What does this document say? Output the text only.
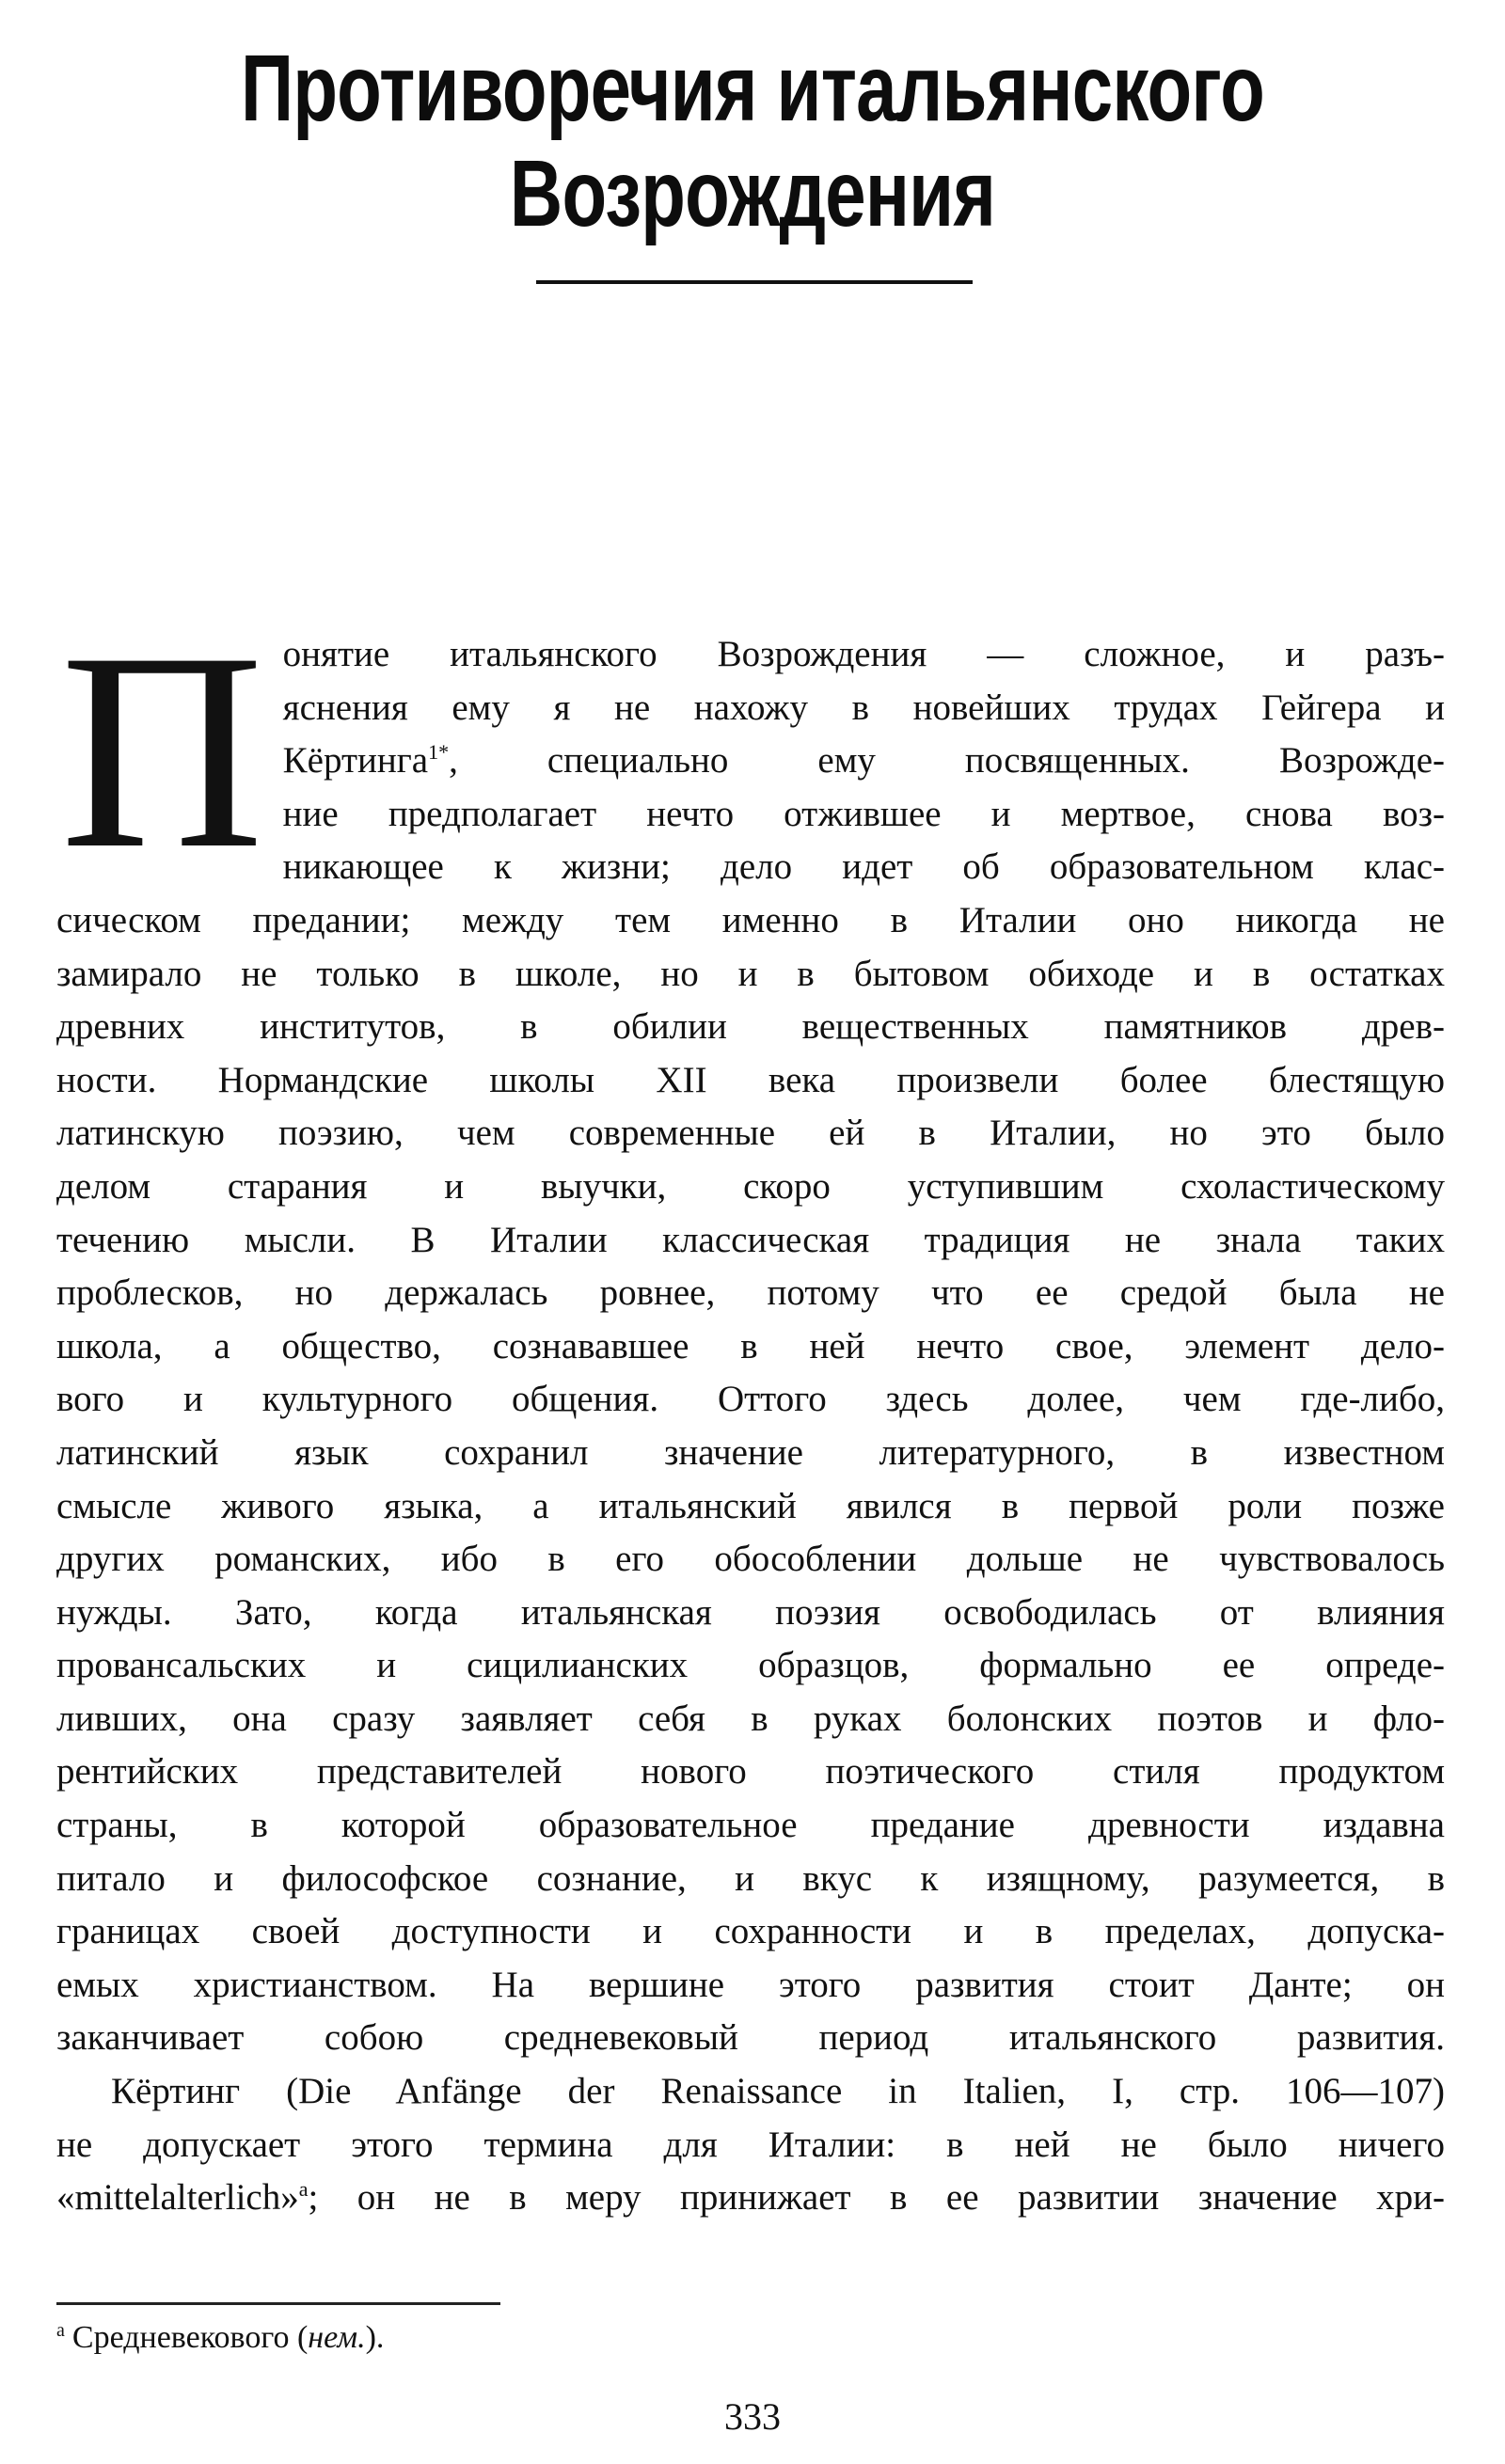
Противоречия итальянского
Возрождения

П онятие итальянского Возрождения — сложное, и разъ-
яснения ему я не нахожу в новейших трудах Гейгера и
Кёртинга$^{1*}$, специально ему посвященных. Возрожде-
ние предполагает нечто отжившее и мертвое, снова воз-
никающее к жизни; дело идет об образовательном клас-
сическом предании; между тем именно в Италии оно никогда не
замирало не только в школе, но и в бытовом обиходе и в остатках
древних институтов, в обилии вещественных памятников древ-
ности. Нормандские школы XII века произвели более блестящую
латинскую поэзию, чем современные ей в Италии, но это было
делом старания и выучки, скоро уступившим схоластическому
течению мысли. В Италии классическая традиция не знала таких
проблесков, но держалась ровнее, потому что ее средой была не
школа, а общество, сознававшее в ней нечто свое, элемент дело-
вого и культурного общения. Оттого здесь долее, чем где-либо,
латинский язык сохранил значение литературного, в известном
смысле живого языка, а итальянский явился в первой роли позже
других романских, ибо в его обособлении дольше не чувствовалось
нужды. Зато, когда итальянская поэзия освободилась от влияния
провансальских и сицилианских образцов, формально ее опреде-
ливших, она сразу заявляет себя в руках болонских поэтов и фло-
рентийских представителей нового поэтического стиля продуктом
страны, в которой образовательное предание древности издавна
питало и философское сознание, и вкус к изящному, разумеется, в
границах своей доступности и сохранности и в пределах, допуска-
емых христианством. На вершине этого развития стоит Данте; он
заканчивает собою средневековый период итальянского развития.

Кёртинг (Die Anfänge der Renaissance in Italien, I, стр. 106—107)
не допускает этого термина для Италии: в ней не было ничего
«mittelalterlich»$^a$; он не в меру принижает в ее развитии значение хри-

$^a$ Средневекового (нем.).
333
